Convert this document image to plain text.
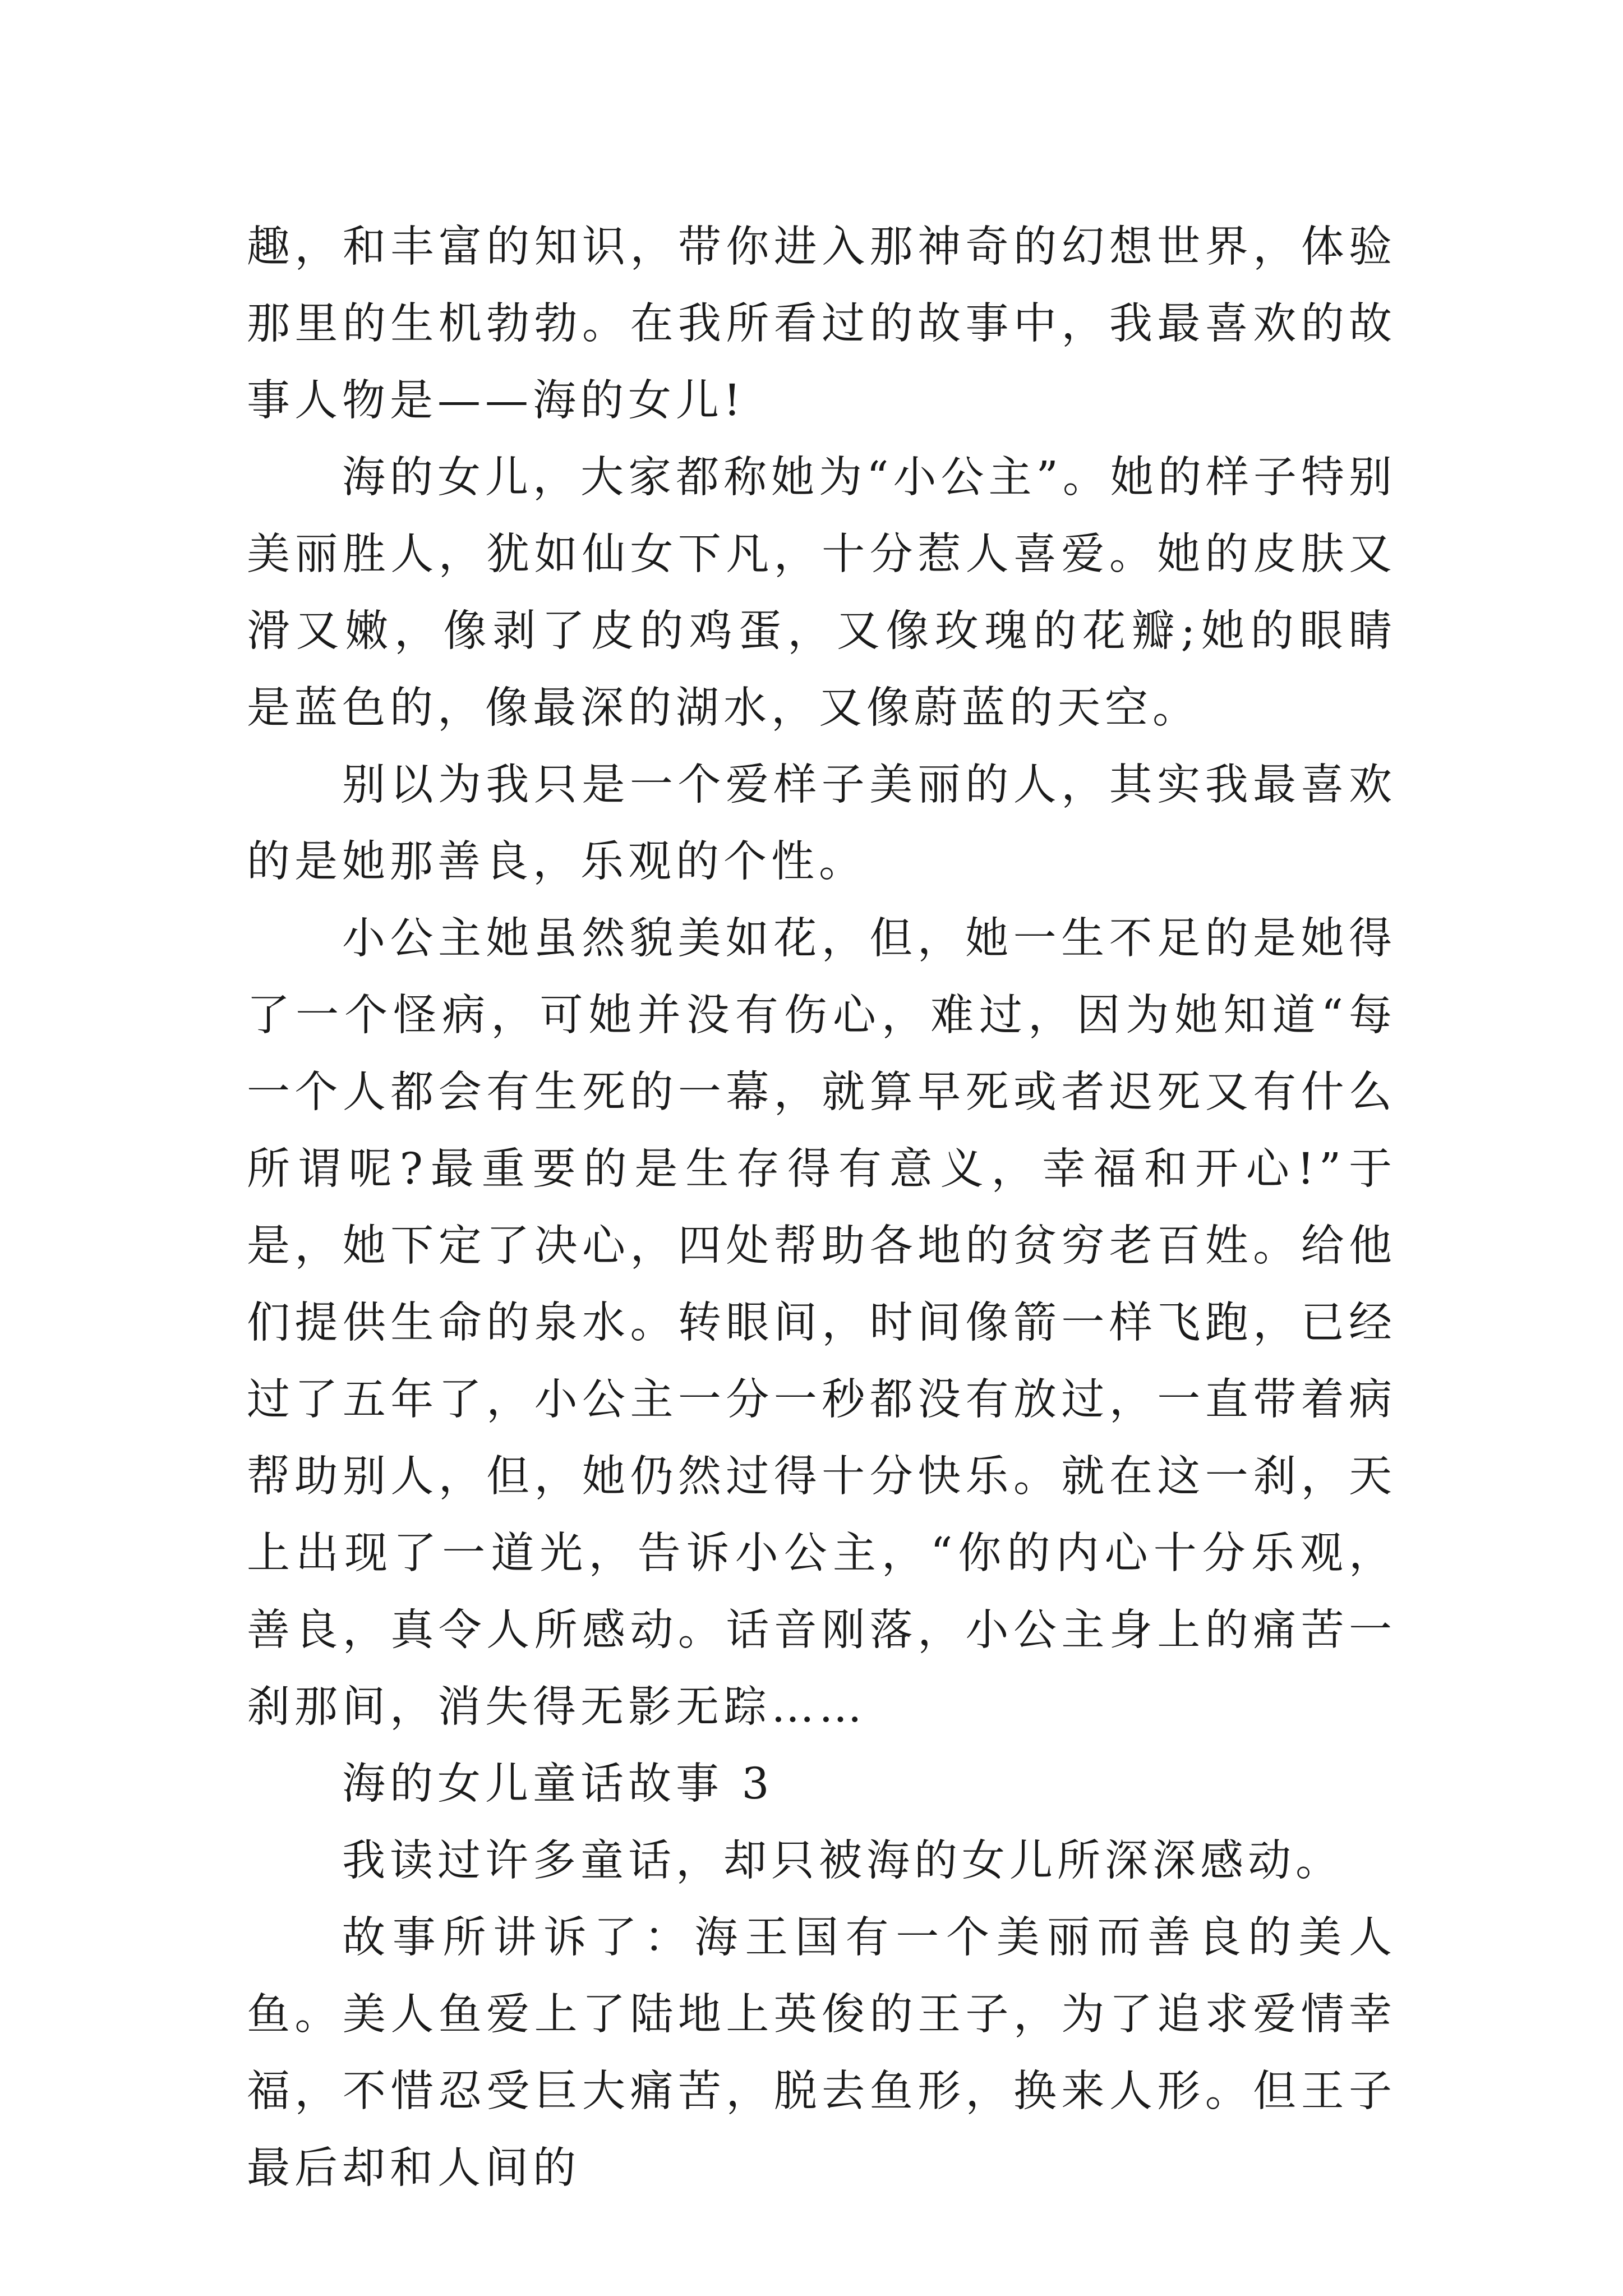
趣，和丰富的知识，带你进入那神奇的幻想世界，体验那里的生机勃勃。在我所看过的故事中，我最喜欢的故事人物是——海的女儿!

海的女儿，大家都称她为“小公主”。她的样子特别美丽胜人，犹如仙女下凡，十分惹人喜爱。她的皮肤又滑又嫩，像剥了皮的鸡蛋，又像玫瑰的花瓣;她的眼睛是蓝色的，像最深的湖水，又像蔚蓝的天空。

别以为我只是一个爱样子美丽的人，其实我最喜欢的是她那善良，乐观的个性。

小公主她虽然貌美如花，但，她一生不足的是她得了一个怪病，可她并没有伤心，难过，因为她知道“每一个人都会有生死的一幕，就算早死或者迟死又有什么所谓呢?最重要的是生存得有意义，幸福和开心!”于是，她下定了决心，四处帮助各地的贫穷老百姓。给他们提供生命的泉水。转眼间，时间像箭一样飞跑，已经过了五年了，小公主一分一秒都没有放过，一直带着病帮助别人，但，她仍然过得十分快乐。就在这一刹，天上出现了一道光，告诉小公主，“你的内心十分乐观，善良，真令人所感动。话音刚落，小公主身上的痛苦一刹那间，消失得无影无踪……

海的女儿童话故事 3

我读过许多童话，却只被海的女儿所深深感动。

故事所讲诉了：海王国有一个美丽而善良的美人鱼。美人鱼爱上了陆地上英俊的王子，为了追求爱情幸福，不惜忍受巨大痛苦，脱去鱼形，换来人形。但王子最后却和人间的
